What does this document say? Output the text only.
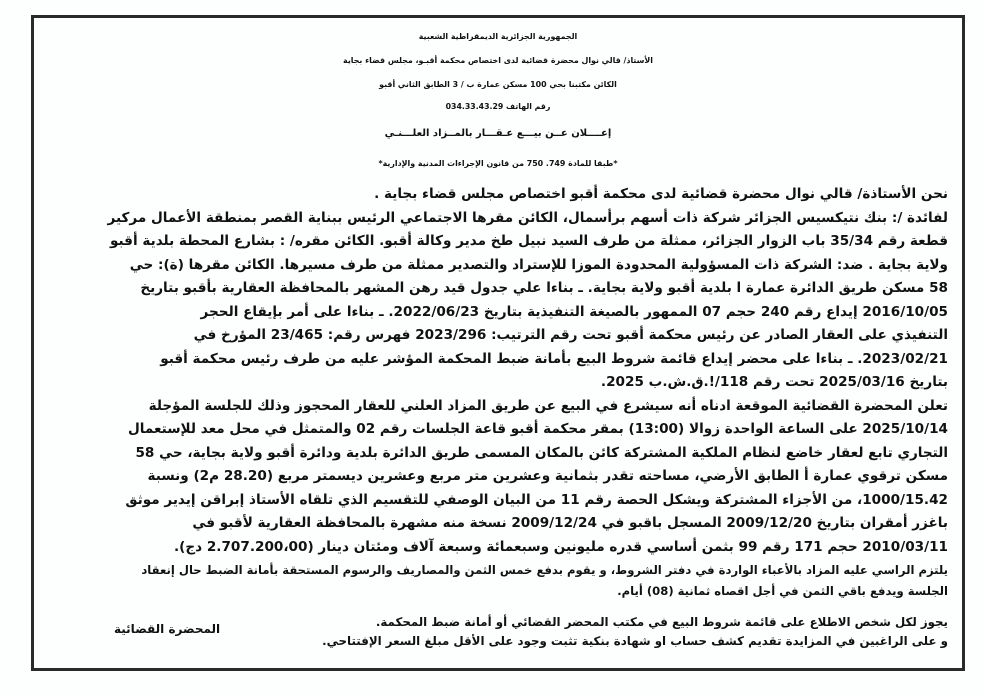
الجمهورية الجزائرية الديمقراطية الشعبية
الأستاذ/ قالي نوال محضرة قضائية لدى اختصاص محكمة أقبـو، مجلس قضاء بجاية
الكائن مكتبنا بحي 100 مسكن عمارة ب / 3 الطابق الثاني أقبو
رقم الهاتف 034.33.43.29
إعــــلان عــن بيـــع عـقـــار بالمــزاد العلـــنـي
*طبقا للمادة 749. 750 من قانون الإجراءات المدنية والإدارية*

نحن الأستاذة/ قالي نوال محضرة قضائية لدى محكمة أقبو اختصاص مجلس قضاء بجاية .

لفائدة /: بنك نتيكسيس الجزائر شركة ذات أسهم برأسمال، الكائن مقرها الاجتماعي الرئيس ببناية القصر بمنطقة الأعمال مركير

قطعة رقم 35/34 باب الزوار الجزائر، ممثلة من طرف السيد نبيل طخ مدير وكالة أقبو. الكائن مقره/ : بشارع المحطة بلدية أقبو

ولاية بجاية . ضد: الشركة ذات المسؤولية المحدودة الموزا للإستراد والتصدير ممثلة من طرف مسيرها. الكائن مقرها (ة): حي

58 مسكن طريق الدائرة عمارة ا بلدية أقبو ولاية بجاية. ـ بناءا علي جدول قيد رهن المشهر بالمحافظة العقارية بأقبو بتاريخ

2016/10/05 إيداع رقم 240 حجم 07 الممهور بالصيغة التنفيذية بتاريخ 2022/06/23. ـ بناءا على أمر بإيقاع الحجر

التنفيذي على العقار الصادر عن رئيس محكمة أقبو تحت رقم الترتيب: 2023/296 فهرس رقم: 23/465 المؤرخ في

2023/02/21. ـ بناءا على محضر إيداع قائمة شروط البيع بأمانة ضبط المحكمة المؤشر عليه من طرف رئيس محكمة أقبو

بتاريخ 2025/03/16 تحت رقم 118/!.ق.ش.ب 2025.

تعلن المحضرة القضائية الموقعة ادناه أنه سيشرع في البيع عن طريق المزاد العلني للعقار المحجوز وذلك للجلسة المؤجلة

2025/10/14 على الساعة الواحدة زوالا (13:00) بمقر محكمة أقبو قاعة الجلسات رقم 02 والمتمثل في محل معد للإستعمال

التجاري تابع لعقار خاضع لنظام الملكية المشتركة كائن بالمكان المسمى طريق الدائرة بلدية ودائرة أقبو ولاية بجاية، حي 58

مسكن ترقوي عمارة أ الطابق الأرضي، مساحته تقدر بثمانية وعشرين متر مربع وعشرين ديسمتر مربع (28.20 م2) ونسبة

1000/15.42، من الأجزاء المشتركة ويشكل الحصة رقم 11 من البيان الوصفي للتقسيم الذي تلقاه الأستاذ إبراقن إيدير موثق

باغزر أمقران بتاريخ 2009/12/20 المسجل باقبو في 2009/12/24 نسخة منه مشهرة بالمحافظة العقارية لأقبو في

2010/03/11 حجم 171 رقم 99 بثمن أساسي قدره مليونين وسبعمائة وسبعة آلاف ومئتان دينار (2.707.200،00 دج).

يلتزم الراسي عليه المزاد بالأعباء الواردة في دفتر الشروط، و يقوم بدفع خمس الثمن والمصاريف والرسوم المستحقة بأمانة الضبط حال إنعقاد

الجلسة ويدفع باقي الثمن في أجل اقصاه ثمانية (08) أيام.

يجوز لكل شخص الاطلاع على قائمة شروط البيع في مكتب المحضر القضائي أو أمانة ضبط المحكمة.

و على الراغبين في المزايدة تقديم كشف حساب او شهادة بنكية تثبت وجود على الأقل مبلغ السعر الإفتتاحي.

المحضرة القضائية
